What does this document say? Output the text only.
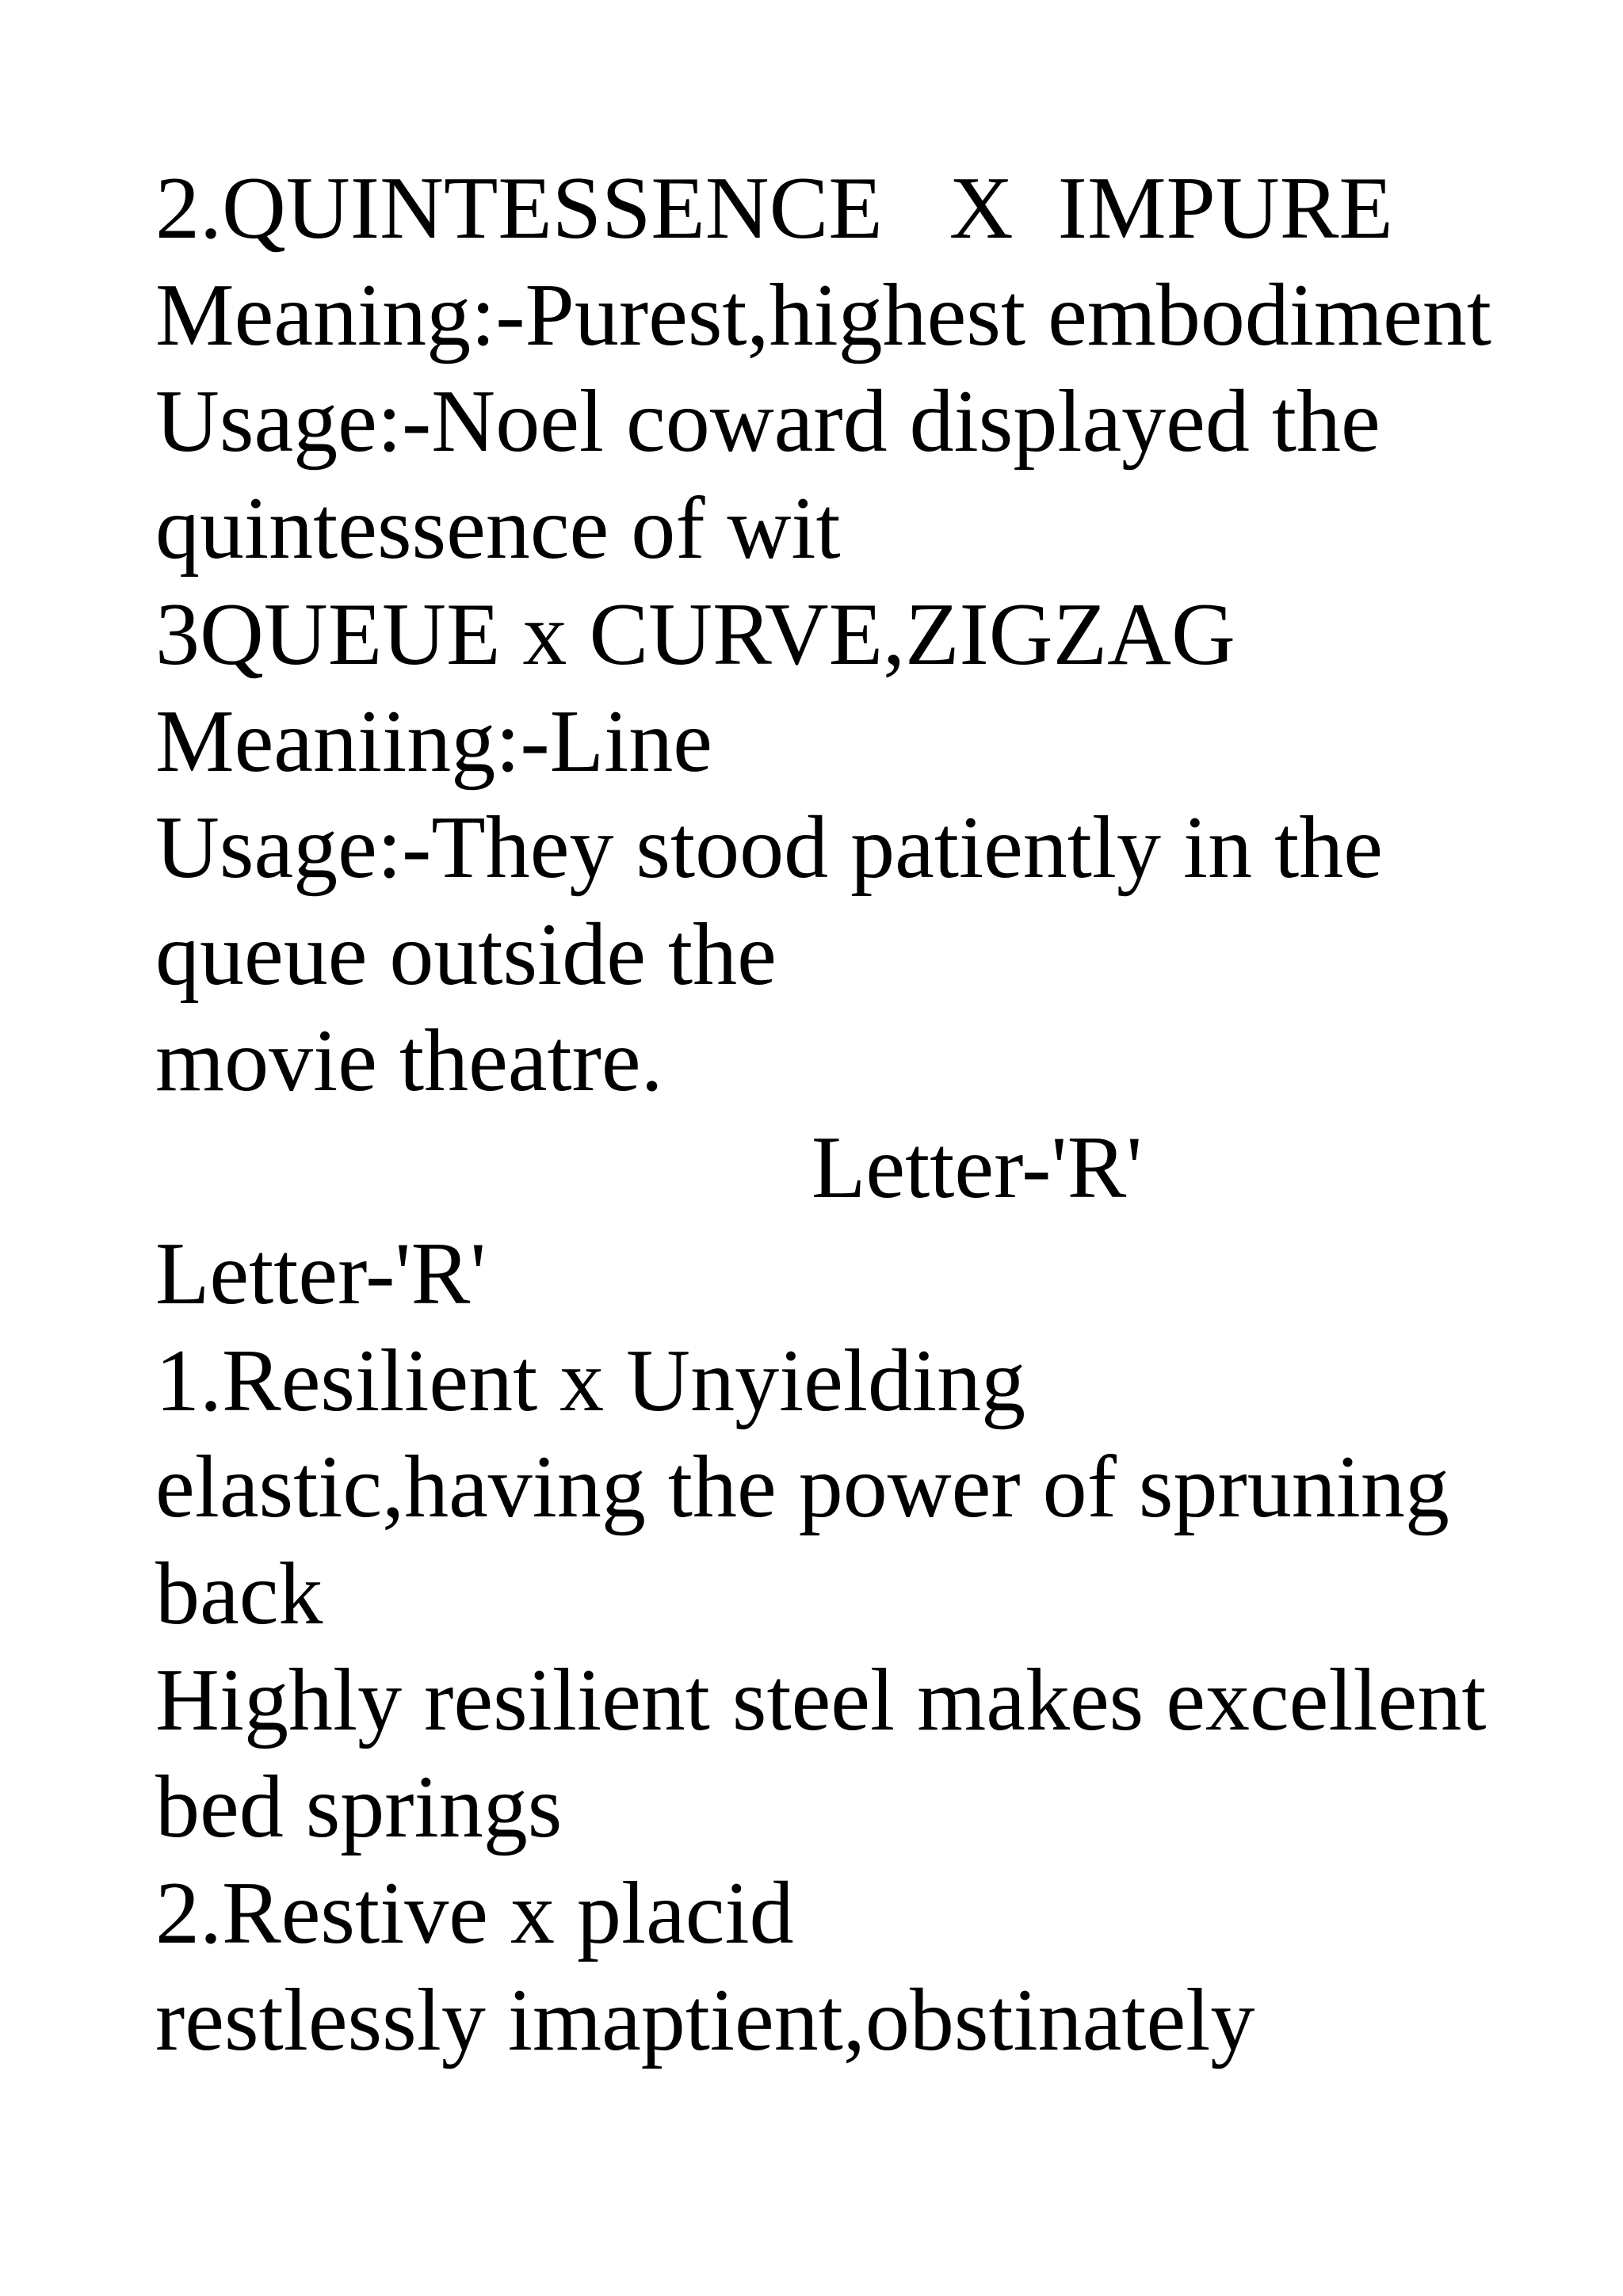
2.QUINTESSENCE   X  IMPURE

Meaning:-Purest,highest embodiment

Usage:-Noel coward displayed the

quintessence of wit

3QUEUE x CURVE,ZIGZAG

Meaniing:-Line

Usage:-They stood patiently in the

queue outside the

movie theatre.

Letter-'R'

Letter-'R'

1.Resilient x Unyielding

elastic,having the power of spruning

back

Highly resilient steel makes excellent

bed springs

2.Restive x placid

restlessly imaptient,obstinately
